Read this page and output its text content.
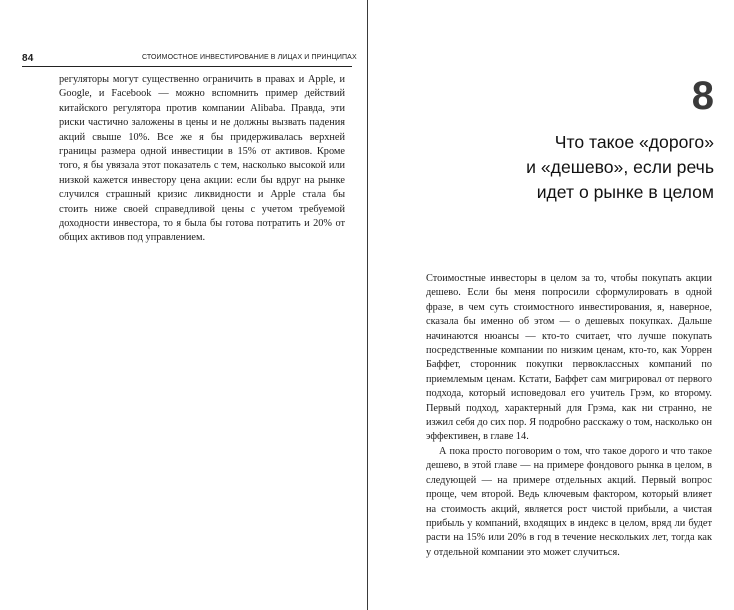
84	СТОИМОСТНОЕ ИНВЕСТИРОВАНИЕ В ЛИЦАХ И ПРИНЦИПАХ

регуляторы могут существенно ограничить в правах и Apple, и Google, и Facebook — можно вспомнить пример действий китайского регулятора против компании Alibaba. Правда, эти риски частично заложены в цены и не должны вызвать падения акций свыше 10%. Все же я бы придерживалась верхней границы размера одной инвестиции в 15% от активов. Кроме того, я бы увязала этот показатель с тем, насколько высокой или низкой кажется инвестору цена акции: если бы вдруг на рынке случился страшный кризис ликвидности и Apple стала бы стоить ниже своей справедливой цены с учетом требуемой доходности инвестора, то я была бы готова потратить и 20% от общих активов под управлением.

8
Что такое «дорого»
и «дешево», если речь
идет о рынке в целом

Стоимостные инвесторы в целом за то, чтобы покупать акции дешево. Если бы меня попросили сформулировать в одной фразе, в чем суть стоимостного инвестирования, я, наверное, сказала бы именно об этом — о дешевых покупках. Дальше начинаются нюансы — кто-то считает, что лучше покупать посредственные компании по низким ценам, кто-то, как Уоррен Баффет, сторонник покупки первоклассных компаний по приемлемым ценам. Кстати, Баффет сам мигрировал от первого подхода, который исповедовал его учитель Грэм, ко второму. Первый подход, характерный для Грэма, как ни странно, не изжил себя до сих пор. Я подробно расскажу о том, насколько он эффективен, в главе 14.

А пока просто поговорим о том, что такое дорого и что такое дешево, в этой главе — на примере фондового рынка в целом, в следующей — на примере отдельных акций. Первый вопрос проще, чем второй. Ведь ключевым фактором, который влияет на стоимость акций, является рост чистой прибыли, а чистая прибыль у компаний, входящих в индекс в целом, вряд ли будет расти на 15% или 20% в год в течение нескольких лет, тогда как у отдельной компании это может случиться.
